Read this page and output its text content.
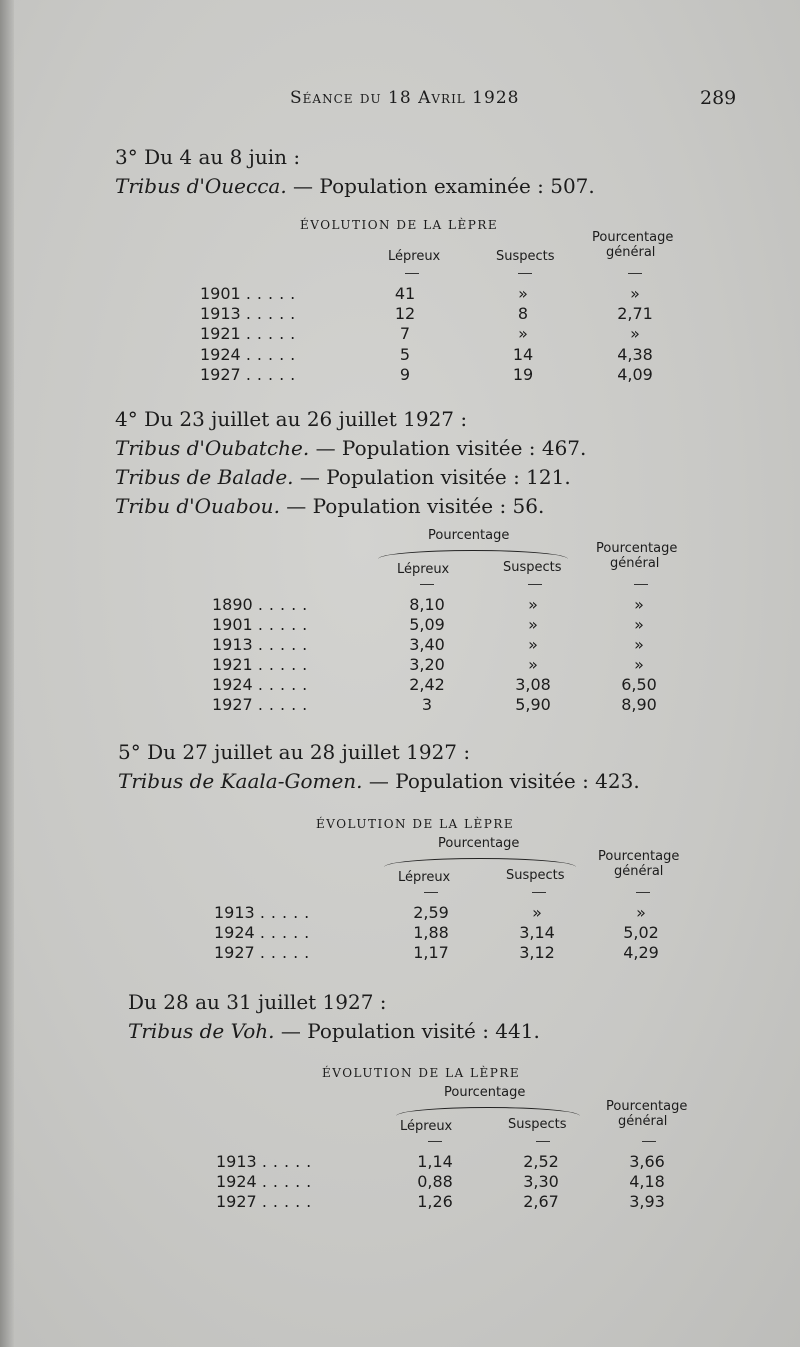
Séance du 18 Avril 1928	289
3° Du 4 au 8 juin :
Tribus d'Ouecca. — Population examinée : 507.
ÉVOLUTION DE LA LÈPRE
Pourcentage
Lépreux	Suspects	général
1901 .....	41	»	»
1913 .....	12	8	2,71
1921 .....	7	»	»
1924 .....	5	14	4,38
1927 .....	9	19	4,09
4° Du 23 juillet au 26 juillet 1927 :
Tribus d'Oubatche. — Population visitée : 467.
Tribus de Balade. — Population visitée : 121.
Tribu d'Ouabou. — Population visitée : 56.
Pourcentage
Pourcentage
Lépreux	Suspects	général
1890 .....	8,10	»	»
1901 .....	5,09	»	»
1913 .....	3,40	»	»
1921 .....	3,20	»	»
1924 .....	2,42	3,08	6,50
1927 .....	3	5,90	8,90
5° Du 27 juillet au 28 juillet 1927 :
Tribus de Kaala-Gomen. — Population visitée : 423.
ÉVOLUTION DE LA LÈPRE
Pourcentage
Pourcentage
Lépreux	Suspects	général
1913 .....	2,59	»	»
1924 .....	1,88	3,14	5,02
1927 .....	1,17	3,12	4,29
Du 28 au 31 juillet 1927 :
Tribus de Voh. — Population visité : 441.
ÉVOLUTION DE LA LÈPRE
Pourcentage
Pourcentage
Lépreux	Suspects	général
1913 .....	1,14	2,52	3,66
1924 .....	0,88	3,30	4,18
1927 .....	1,26	2,67	3,93
